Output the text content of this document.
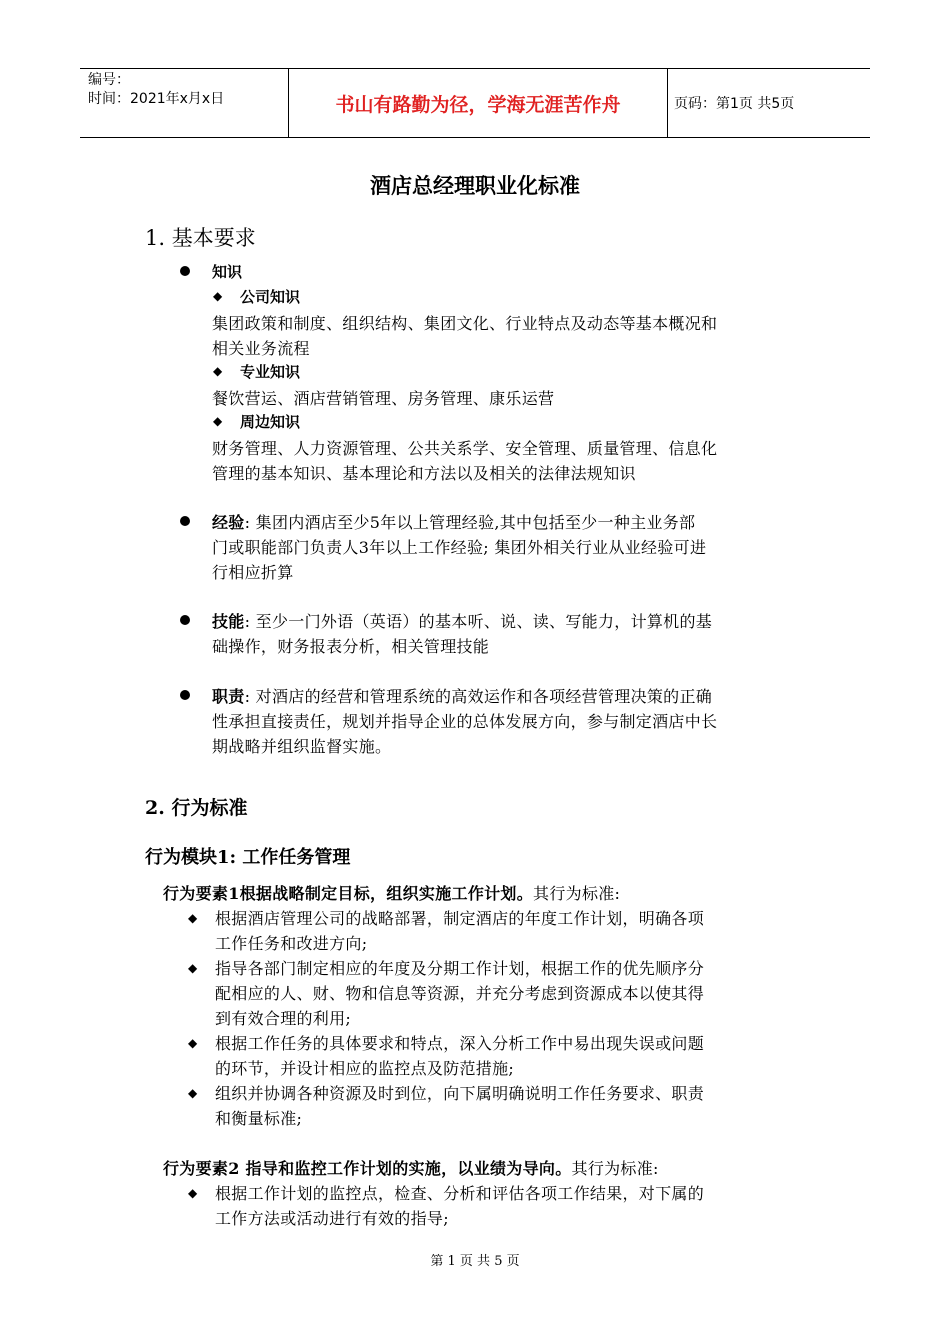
编号：
时间：2021年x月x日	书山有路勤为径，学海无涯苦作舟	页码：第1页 共5页
酒店总经理职业化标准
1. 基本要求
知识
◆ 公司知识
集团政策和制度、组织结构、集团文化、行业特点及动态等基本概况和
相关业务流程
◆ 专业知识
餐饮营运、酒店营销管理、房务管理、康乐运营
◆ 周边知识
财务管理、人力资源管理、公共关系学、安全管理、质量管理、信息化
管理的基本知识、基本理论和方法以及相关的法律法规知识
经验: 集团内酒店至少5年以上管理经验,其中包括至少一种主业务部
门或职能部门负责人3年以上工作经验; 集团外相关行业从业经验可进
行相应折算
技能: 至少一门外语（英语）的基本听、说、读、写能力，计算机的基
础操作，财务报表分析，相关管理技能
职责: 对酒店的经营和管理系统的高效运作和各项经营管理决策的正确
性承担直接责任，规划并指导企业的总体发展方向，参与制定酒店中长
期战略并组织监督实施。
2. 行为标准
行为模块1: 工作任务管理
行为要素1根据战略制定目标，组织实施工作计划。其行为标准:
◆ 根据酒店管理公司的战略部署，制定酒店的年度工作计划，明确各项
工作任务和改进方向;
◆ 指导各部门制定相应的年度及分期工作计划，根据工作的优先顺序分
配相应的人、财、物和信息等资源，并充分考虑到资源成本以使其得
到有效合理的利用;
◆ 根据工作任务的具体要求和特点，深入分析工作中易出现失误或问题
的环节，并设计相应的监控点及防范措施;
◆ 组织并协调各种资源及时到位，向下属明确说明工作任务要求、职责
和衡量标准;
行为要素2 指导和监控工作计划的实施，以业绩为导向。其行为标准:
◆ 根据工作计划的监控点，检查、分析和评估各项工作结果，对下属的
工作方法或活动进行有效的指导;
第 1 页 共 5 页
